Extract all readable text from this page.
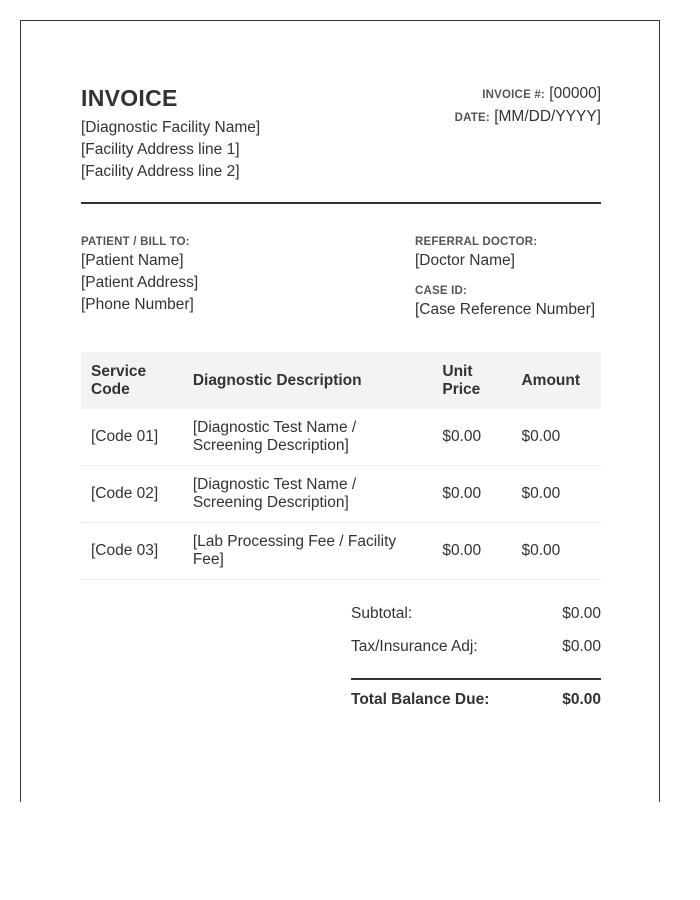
INVOICE
[Diagnostic Facility Name]
[Facility Address line 1]
[Facility Address line 2]
INVOICE #: [00000]
DATE: [MM/DD/YYYY]
PATIENT / BILL TO:
[Patient Name]
[Patient Address]
[Phone Number]
REFERRAL DOCTOR:
[Doctor Name]
CASE ID:
[Case Reference Number]
Service Code	Diagnostic Description	Unit Price	Amount
[Code 01]	[Diagnostic Test Name / Screening Description]	$0.00	$0.00
[Code 02]	[Diagnostic Test Name / Screening Description]	$0.00	$0.00
[Code 03]	[Lab Processing Fee / Facility Fee]	$0.00	$0.00
Subtotal:	$0.00
Tax/Insurance Adj:	$0.00
Total Balance Due:	$0.00
